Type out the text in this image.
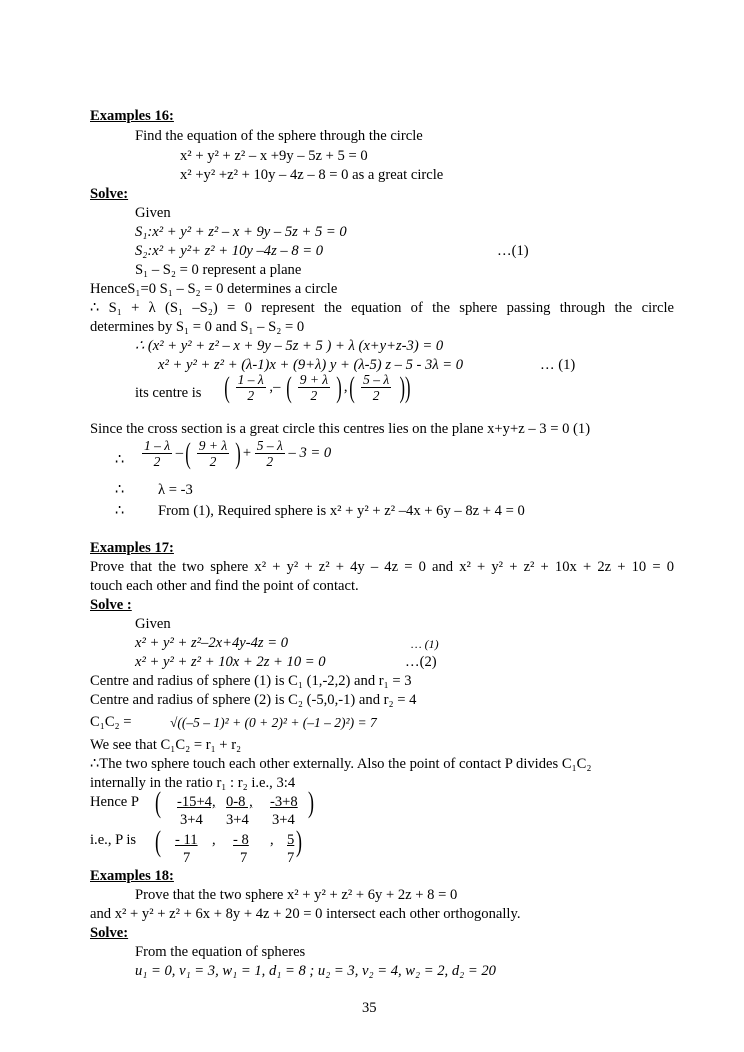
Examples 16:
Find the equation of the sphere through the circle
x² + y² + z² – x +9y – 5z + 5 = 0
x² +y² +z² + 10y – 4z – 8 = 0 as a great circle
Solve:
Given
S₁:x² + y² + z² – x + 9y – 5z + 5 = 0
S₂:x² + y²+ z² + 10y –4z – 8 = 0	…(1)
S₁ – S₂ = 0 represent a plane
HenceS₁=0 S₁ – S₂ = 0 determines a circle
∴ S₁ + λ (S₁ –S₂) = 0 represent the equation of the sphere passing through the circle
determines by S₁ = 0 and S₁ – S₂ = 0
∴ (x² + y² + z² – x + 9y – 5z + 5 ) + λ (x+y+z-3) = 0
x² + y² + z² + (λ-1)x + (9+λ) y + (λ-5) z – 5 - 3λ = 0	… (1)
its centre is ( $\frac{1 - \lambda}{2}$ ,– ( $\frac{9 + \lambda}{2}$ ) ,( $\frac{5 - \lambda}{2}$ ))
Since the cross section is a great circle this centres lies on the plane x+y+z – 3 = 0 (1)
∴ $\frac{1 - \lambda}{2}$ –( $\frac{9 + \lambda}{2}$ ) + $\frac{5 - \lambda}{2} - 3 = 0$
∴ λ = -3
∴ From (1), Required sphere is x² + y² + z² –4x + 6y – 8z + 4 = 0
Examples 17:
Prove that the two sphere x² + y² + z² + 4y – 4z = 0 and x² + y² + z² + 10x + 2z + 10 = 0
touch each other and find the point of contact.
Solve :
Given
x² + y² + z²–2x+4y-4z = 0	… (1)
x² + y² + z² + 10x + 2z + 10 = 0	…(2)
Centre and radius of sphere (1) is C₁ (1,-2,2) and r₁ = 3
Centre and radius of sphere (2) is C₂ (-5,0,-1) and r₂ = 4
C₁C₂ =	√((–5 – 1)² + (0 + 2)² + (–1 – 2)²) = 7
We see that C₁C₂ = r₁ + r₂
∴The two sphere touch each other externally. Also the point of contact P divides C₁C₂
internally in the ratio r₁ : r₂ i.e., 3:4
Hence P ( -15+4, 0-8 , -3+8
3+4 3+4 3+4
)
i.e., P is ( - 11 , - 8 , 5
7	7	7 )
Examples 18:
Prove that the two sphere x² + y² + z² + 6y + 2z + 8 = 0
and x² + y² + z² + 6x + 8y + 4z + 20 = 0 intersect each other orthogonally.
Solve:
From the equation of spheres
u₁ = 0, v₁ = 3, w₁ = 1, d₁ = 8 ; u₂ = 3, v₂ = 4, w₂ = 2, d₂ = 20
35
